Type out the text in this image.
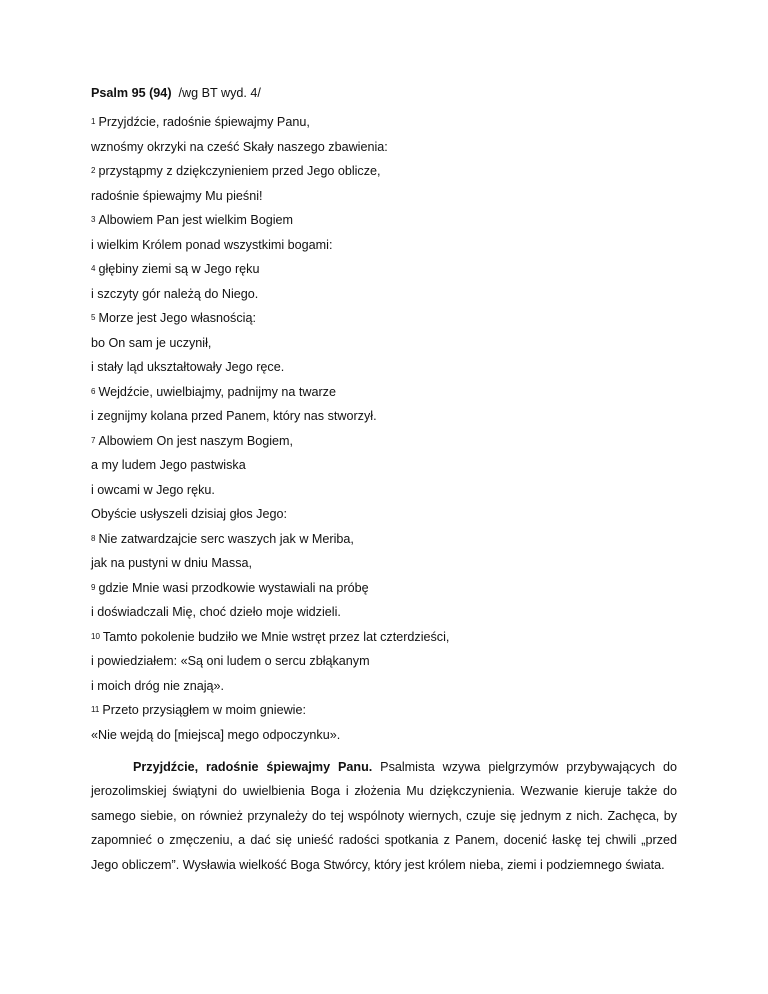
Psalm 95 (94) /wg BT wyd. 4/
$^1$ Przyjdźcie, radośnie śpiewajmy Panu,
wznośmy okrzyki na cześć Skały naszego zbawienia:
$^2$ przystąpmy z dziękczynieniem przed Jego oblicze,
radośnie śpiewajmy Mu pieśni!
$^3$ Albowiem Pan jest wielkim Bogiem
i wielkim Królem ponad wszystkimi bogami:
$^4$ głębiny ziemi są w Jego ręku
i szczyty gór należą do Niego.
$^5$ Morze jest Jego własnością:
bo On sam je uczynił,
i stały ląd ukształtowały Jego ręce.
$^6$ Wejdźcie, uwielbiajmy, padnijmy na twarze
i zegnijmy kolana przed Panem, który nas stworzył.
$^7$ Albowiem On jest naszym Bogiem,
a my ludem Jego pastwiska
i owcami w Jego ręku.
Obyście usłyszeli dzisiaj głos Jego:
$^8$ Nie zatwardzajcie serc waszych jak w Meriba,
jak na pustyni w dniu Massa,
$^9$ gdzie Mnie wasi przodkowie wystawiali na próbę
i doświadczali Mię, choć dzieło moje widzieli.
$^{10}$ Tamto pokolenie budziło we Mnie wstręt przez lat czterdzieści,
i powiedziałem: «Są oni ludem o sercu zbłąkanym
i moich dróg nie znają».
$^{11}$ Przeto przysiągłem w moim gniewie:
«Nie wejdą do [miejsca] mego odpoczynku».

Przyjdźcie, radośnie śpiewajmy Panu. Psalmista wzywa pielgrzymów przybywających do jerozolimskiej świątyni do uwielbienia Boga i złożenia Mu dziękczynienia. Wezwanie kieruje także do samego siebie, on również przynależy do tej wspólnoty wiernych, czuje się jednym z nich. Zachęca, by zapomnieć o zmęczeniu, a dać się unieść radości spotkania z Panem, docenić łaskę tej chwili „przed Jego obliczem”. Wysławia wielkość Boga Stwórcy, który jest królem nieba, ziemi i podziemnego świata.
